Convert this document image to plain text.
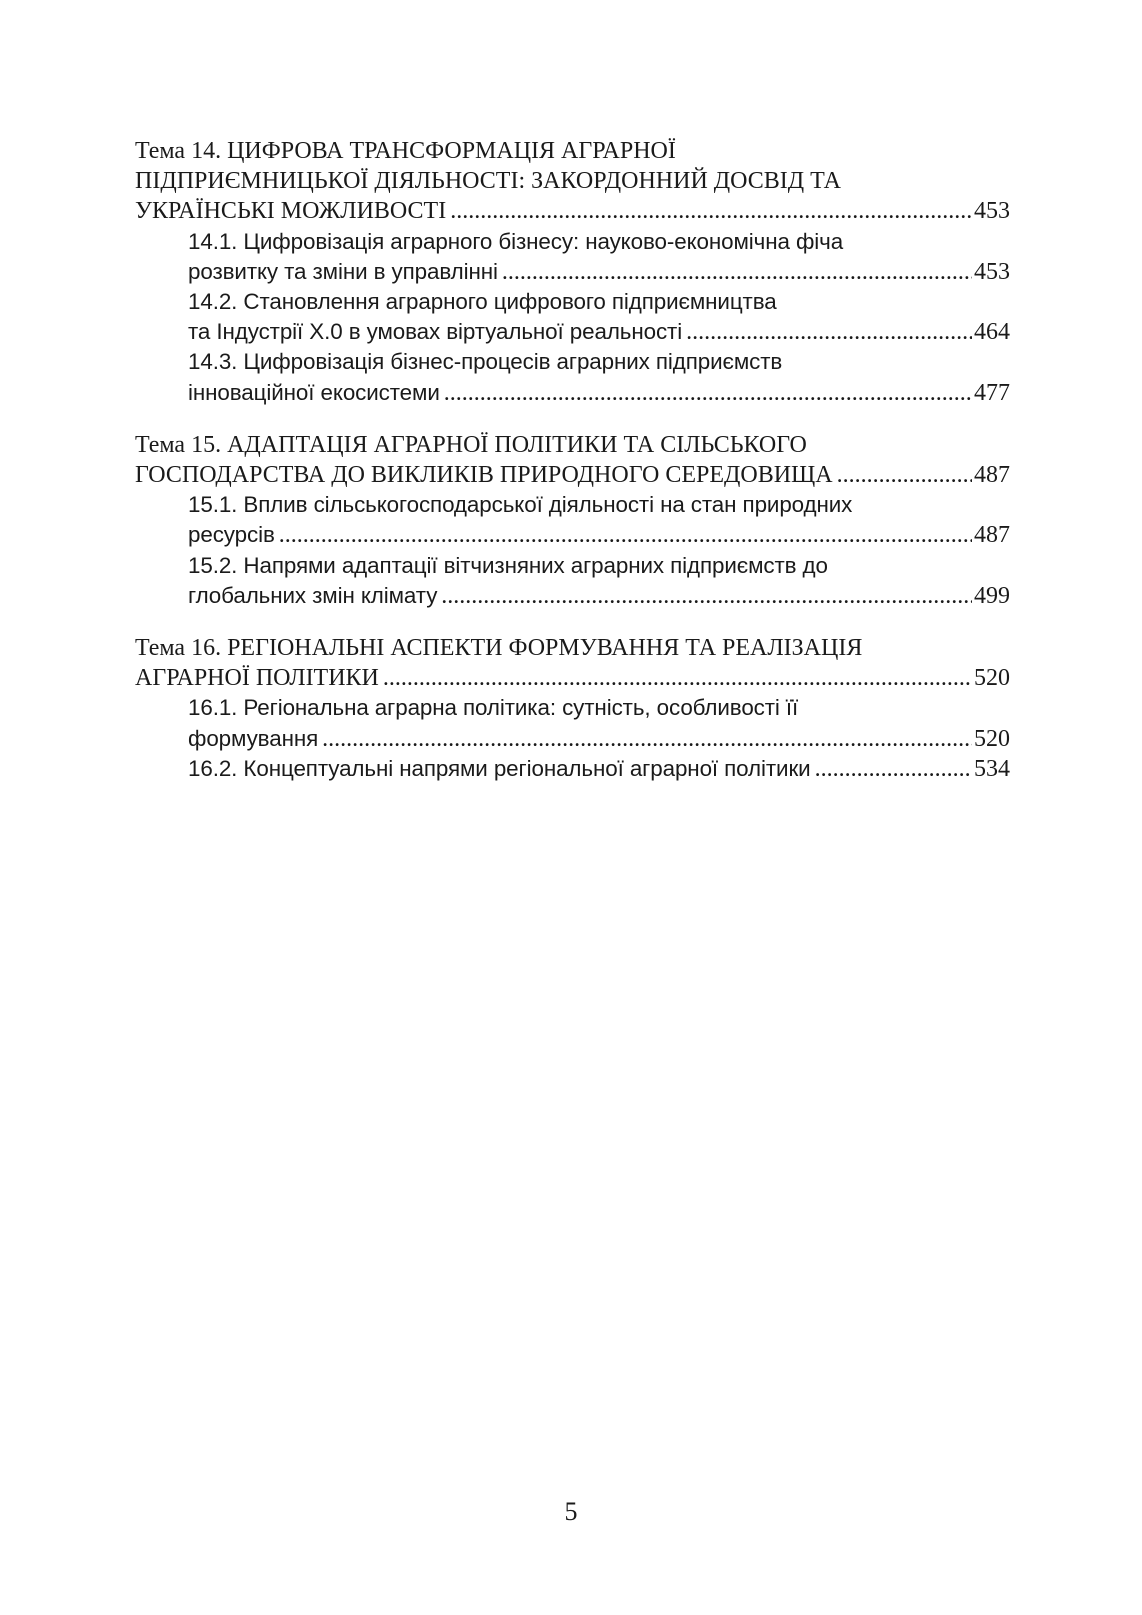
Тема 14. ЦИФРОВА ТРАНСФОРМАЦІЯ АГРАРНОЇ
ПІДПРИЄМНИЦЬКОЇ ДІЯЛЬНОСТІ: ЗАКОРДОННИЙ ДОСВІД ТА
УКРАЇНСЬКІ МОЖЛИВОСТІ .....	453
14.1. Цифровізація аграрного бізнесу: науково-економічна фіча
розвитку та зміни в управлінні .....	453
14.2. Становлення аграрного цифрового підприємництва
та Індустрії Х.0 в умовах віртуальної реальності .....	464
14.3. Цифровізація бізнес-процесів аграрних підприємств
інноваційної екосистеми .....	477
Тема 15. АДАПТАЦІЯ АГРАРНОЇ ПОЛІТИКИ ТА СІЛЬСЬКОГО
ГОСПОДАРСТВА ДО ВИКЛИКІВ ПРИРОДНОГО СЕРЕДОВИЩА .....	487
15.1. Вплив сільськогосподарської діяльності на стан природних
ресурсів .....	487
15.2. Напрями адаптації вітчизняних аграрних підприємств до
глобальних змін клімату .....	499
Тема 16. РЕГІОНАЛЬНІ АСПЕКТИ ФОРМУВАННЯ ТА РЕАЛІЗАЦІЯ
АГРАРНОЇ ПОЛІТИКИ .....	520
16.1. Регіональна аграрна політика: сутність, особливості її
формування .....	520
16.2. Концептуальні напрями регіональної аграрної політики .....	534
5
